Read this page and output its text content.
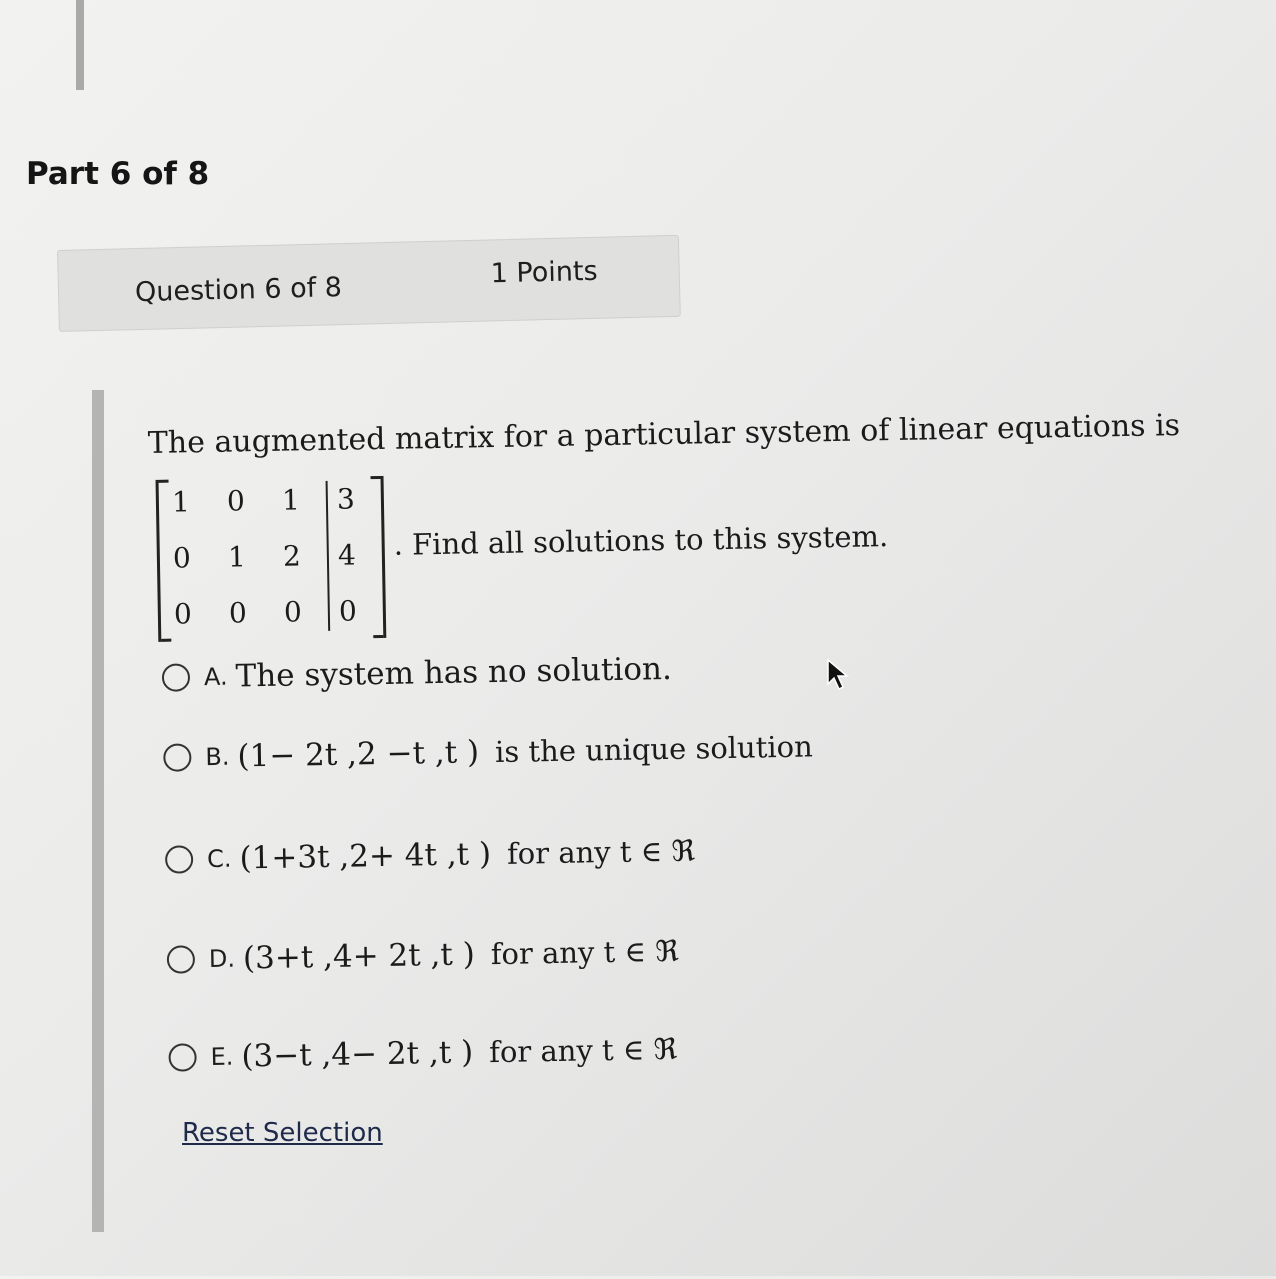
Part 6 of 8
Question 6 of 8	1 Points
The augmented matrix for a particular system of linear equations is
1 0 1 3
0 1 2 4
0 0 0 0
. Find all solutions to this system.
A. The system has no solution.
B. (1− 2t ,2 −t ,t ) is the unique solution
C. (1+3t ,2+ 4t ,t ) for any t ∈ ℜ
D. (3+t ,4+ 2t ,t ) for any t ∈ ℜ
E. (3−t ,4− 2t ,t ) for any t ∈ ℜ
Reset Selection
